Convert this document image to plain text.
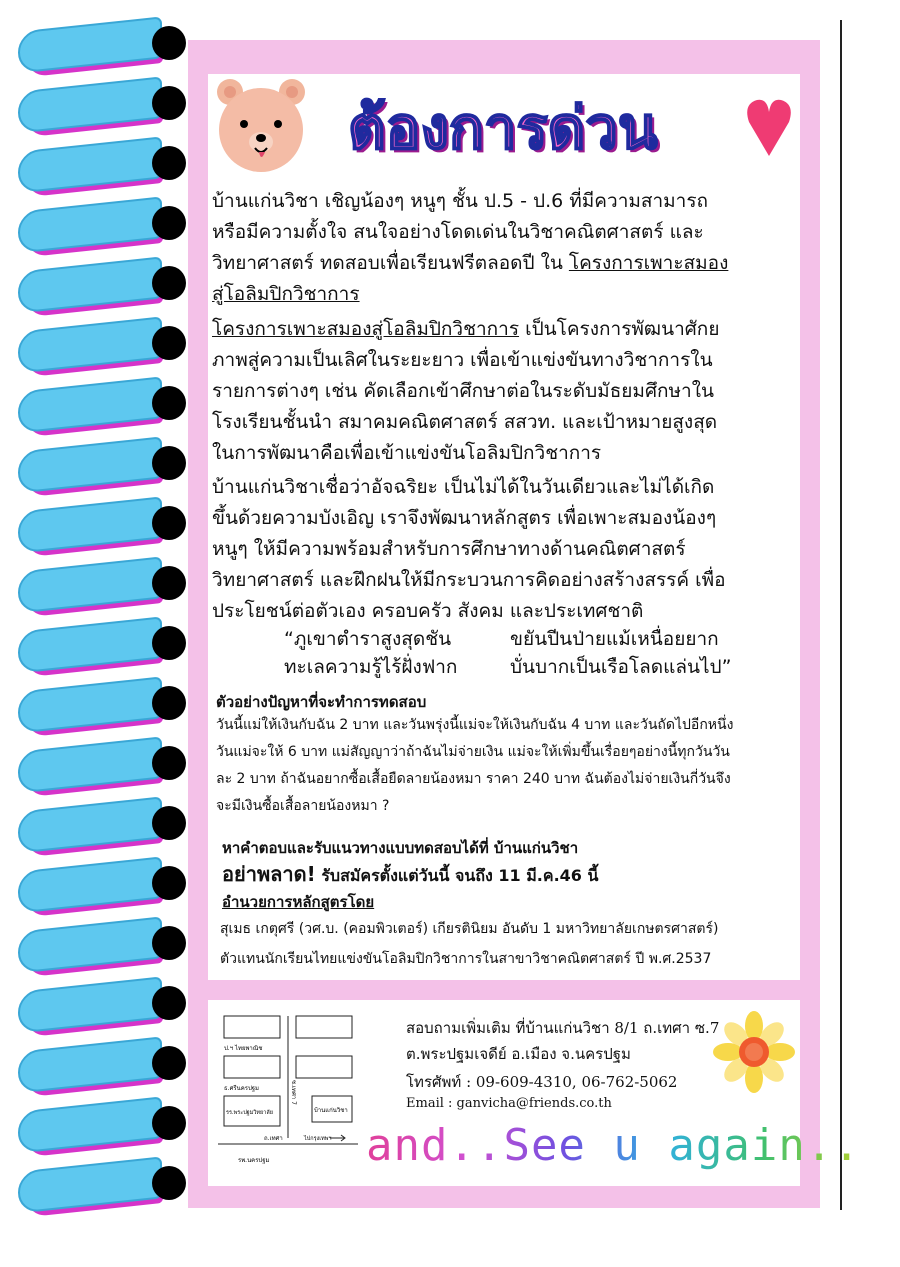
ต้องการด่วน
บ้านแก่นวิชา เชิญน้องๆ หนูๆ ชั้น ป.5 - ป.6 ที่มีความสามารถ
หรือมีความตั้งใจ สนใจอย่างโดดเด่นในวิชาคณิตศาสตร์ และ
วิทยาศาสตร์ ทดสอบเพื่อเรียนฟรีตลอดปี ใน โครงการเพาะสมอง
สู่โอลิมปิกวิชาการ
โครงการเพาะสมองสู่โอลิมปิกวิชาการ เป็นโครงการพัฒนาศักย
ภาพสู่ความเป็นเลิศในระยะยาว เพื่อเข้าแข่งขันทางวิชาการใน
รายการต่างๆ เช่น คัดเลือกเข้าศึกษาต่อในระดับมัธยมศึกษาใน
โรงเรียนชั้นนำ สมาคมคณิตศาสตร์ สสวท. และเป้าหมายสูงสุด
ในการพัฒนาคือเพื่อเข้าแข่งขันโอลิมปิกวิชาการ
บ้านแก่นวิชาเชื่อว่าอัจฉริยะ เป็นไม่ได้ในวันเดียวและไม่ได้เกิด
ขึ้นด้วยความบังเอิญ เราจึงพัฒนาหลักสูตร เพื่อเพาะสมองน้องๆ
หนูๆ ให้มีความพร้อมสำหรับการศึกษาทางด้านคณิตศาสตร์
วิทยาศาสตร์ และฝึกฝนให้มีกระบวนการคิดอย่างสร้างสรรค์ เพื่อ
ประโยชน์ต่อตัวเอง ครอบครัว สังคม และประเทศชาติ
“ภูเขาตำราสูงสุดชัน	ขยันปีนป่ายแม้เหนื่อยยาก
ทะเลความรู้ไร้ฝั่งฟาก	บั่นบากเป็นเรือโลดแล่นไป”
ตัวอย่างปัญหาที่จะทำการทดสอบ
วันนี้แม่ให้เงินกับฉัน 2 บาท และวันพรุ่งนี้แม่จะให้เงินกับฉัน 4 บาท และวันถัดไปอีกหนึ่ง
วันแม่จะให้ 6 บาท แม่สัญญาว่าถ้าฉันไม่จ่ายเงิน แม่จะให้เพิ่มขึ้นเรื่อยๆอย่างนี้ทุกวันวัน
ละ 2 บาท ถ้าฉันอยากซื้อเสื้อยืดลายน้องหมา ราคา 240 บาท ฉันต้องไม่จ่ายเงินกี่วันจึง
จะมีเงินซื้อเสื้อลายน้องหมา ?
หาคำตอบและรับแนวทางแบบทดสอบได้ที่ บ้านแก่นวิชา
อย่าพลาด! รับสมัครตั้งแต่วันนี้ จนถึง 11 มี.ค.46 นี้
อำนวยการหลักสูตรโดย
สุเมธ เกตุศรี (วศ.บ. (คอมพิวเตอร์) เกียรตินิยม อันดับ 1 มหาวิทยาลัยเกษตรศาสตร์)
ตัวแทนนักเรียนไทยแข่งขันโอลิมปิกวิชาการในสาขาวิชาคณิตศาสตร์ ปี พ.ศ.2537
ป.ฯ ไทยพาณิช
ธ.ศรีนครปฐม
รร.พระปฐมวิทยาลัย
ซ.เทศา 7
บ้านแก่นวิชา
ถ.เทศา	ไปกรุงเทพฯ
รพ.นครปฐม
สอบถามเพิ่มเติม ที่บ้านแก่นวิชา 8/1 ถ.เทศา ซ.7
ต.พระปฐมเจดีย์ อ.เมือง จ.นครปฐม
โทรศัพท์ : 09-609-4310, 06-762-5062
Email : ganvicha@friends.co.th
and..See u again..
